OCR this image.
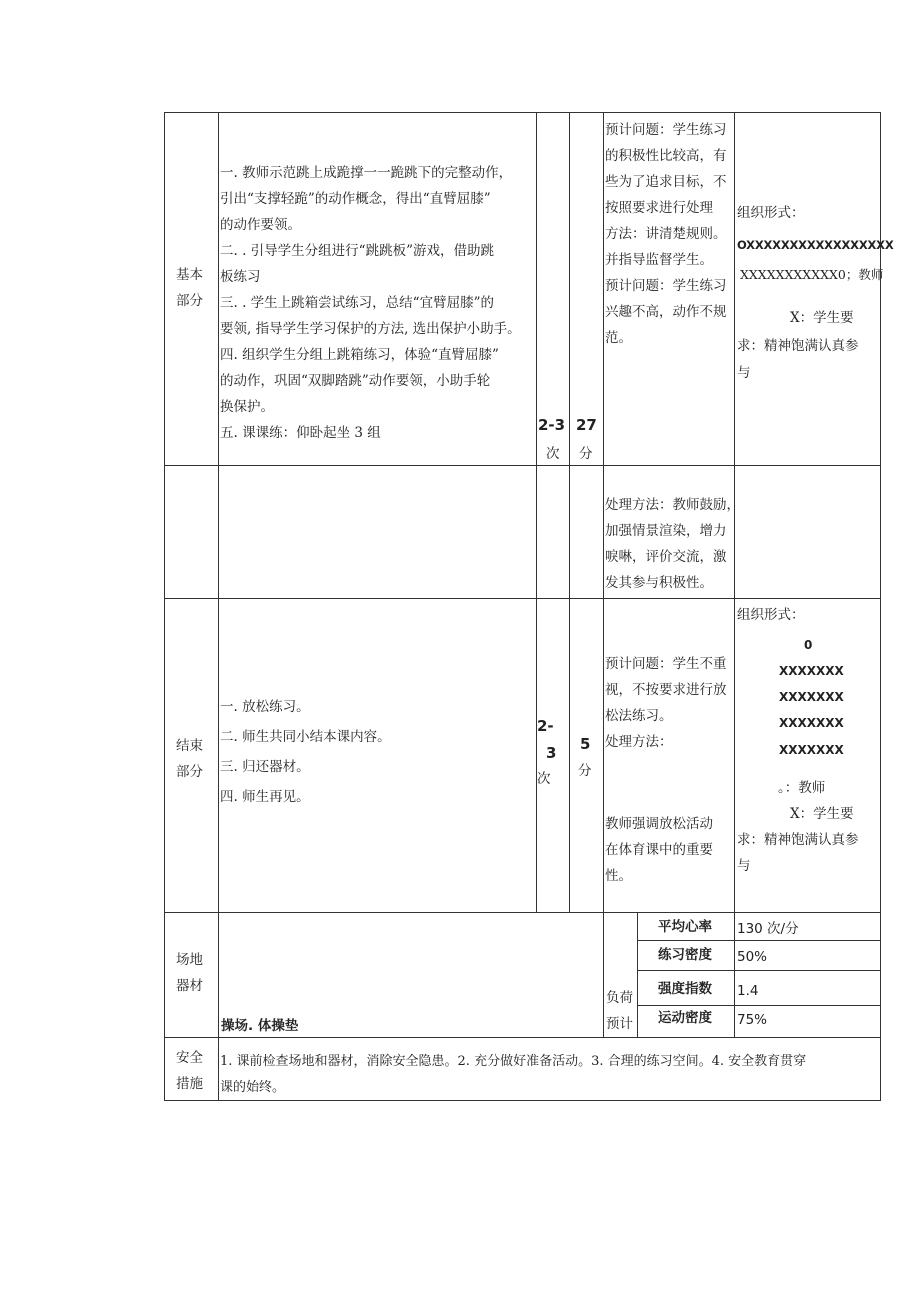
基本
部分
一. 教师示范跳上成跪撑一一跪跳下的完整动作，
引出“支撑轻跪”的动作概念，得出“直臂屈膝”
的动作要领。
二. . 引导学生分组进行“跳跳板”游戏，借助跳
板练习
三. . 学生上跳箱尝试练习，总结“宜臂屈膝”的
要领, 指导学生学习保护的方法, 选出保护小助手。
四. 组织学生分组上跳箱练习，体验“直臂屈膝”
的动作，巩固“双脚踏跳”动作要领，小助手轮
换保护。
五. 课课练：仰卧起坐 3 组	2-3
次
27
分
预计问题：学生练习
的积极性比较高，有
些为了追求目标，不
按照要求进行处理
方法：讲清楚规则。
并指导监督学生。
预计问题：学生练习
兴趣不高，动作不规
范。
组织形式：
OXXXXXXXXXXXXXXXXX
XXXXXXXXXXX0；教师
X：学生要
求：精神饱满认真参
与
处理方法：教师鼓励，
加强情景渲染，增力
唳啉，评价交流，激
发其参与积极性。
结束
部分
一. 放松练习。
二. 师生共同小结本课内容。
三. 归还器材。
四. 师生再见。
2-
3
次
5
分
预计问题：学生不重
视，不按要求进行放
松法练习。
处理方法：
教师强调放松活动
在体育课中的重要
性。
组织形式：
0
XXXXXXX
XXXXXXX
XXXXXXX
XXXXXXX
。：教师
X：学生要
求：精神饱满认真参
与
场地
器材
操场. 体操垫
负荷
预计
平均心率 130 次/分
练习密度 50%
强度指数 1.4
运动密度 75%
安全
措施
1. 课前检查场地和器材，消除安全隐患。2. 充分做好准备活动。3. 合理的练习空间。4. 安全教育贯穿
课的始终。
